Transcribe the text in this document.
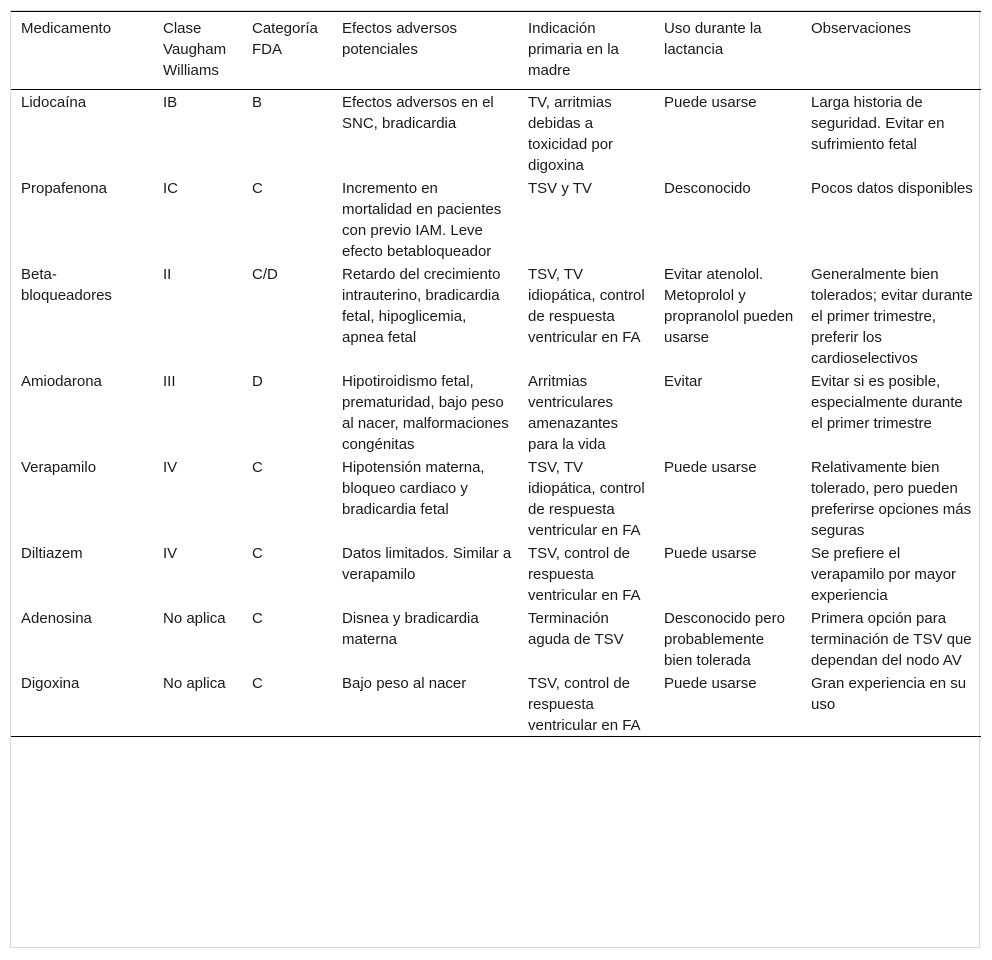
Medicamento	Clase Vaugham Williams	Categoría FDA	Efectos adversos potenciales	Indicación primaria en la madre	Uso durante la lactancia	Observaciones
Lidocaína	IB	B	Efectos adversos en el SNC, bradicardia	TV, arritmias debidas a toxicidad por digoxina	Puede usarse	Larga historia de seguridad. Evitar en sufrimiento fetal
Propafenona	IC	C	Incremento en mortalidad en pacientes con previo IAM. Leve efecto betabloqueador	TSV y TV	Desconocido	Pocos datos disponibles
Beta-bloqueadores	II	C/D	Retardo del crecimiento intrauterino, bradicardia fetal, hipoglicemia, apnea fetal	TSV, TV idiopática, control de respuesta ventricular en FA	Evitar atenolol. Metoprolol y propranolol pueden usarse	Generalmente bien tolerados; evitar durante el primer trimestre, preferir los cardioselectivos
Amiodarona	III	D	Hipotiroidismo fetal, prematuridad, bajo peso al nacer, malformaciones congénitas	Arritmias ventriculares amenazantes para la vida	Evitar	Evitar si es posible, especialmente durante el primer trimestre
Verapamilo	IV	C	Hipotensión materna, bloqueo cardiaco y bradicardia fetal	TSV, TV idiopática, control de respuesta ventricular en FA	Puede usarse	Relativamente bien tolerado, pero pueden preferirse opciones más seguras
Diltiazem	IV	C	Datos limitados. Similar a verapamilo	TSV, control de respuesta ventricular en FA	Puede usarse	Se prefiere el verapamilo por mayor experiencia
Adenosina	No aplica	C	Disnea y bradicardia materna	Terminación aguda de TSV	Desconocido pero probablemente bien tolerada	Primera opción para terminación de TSV que dependan del nodo AV
Digoxina	No aplica	C	Bajo peso al nacer	TSV, control de respuesta ventricular en FA	Puede usarse	Gran experiencia en su uso
